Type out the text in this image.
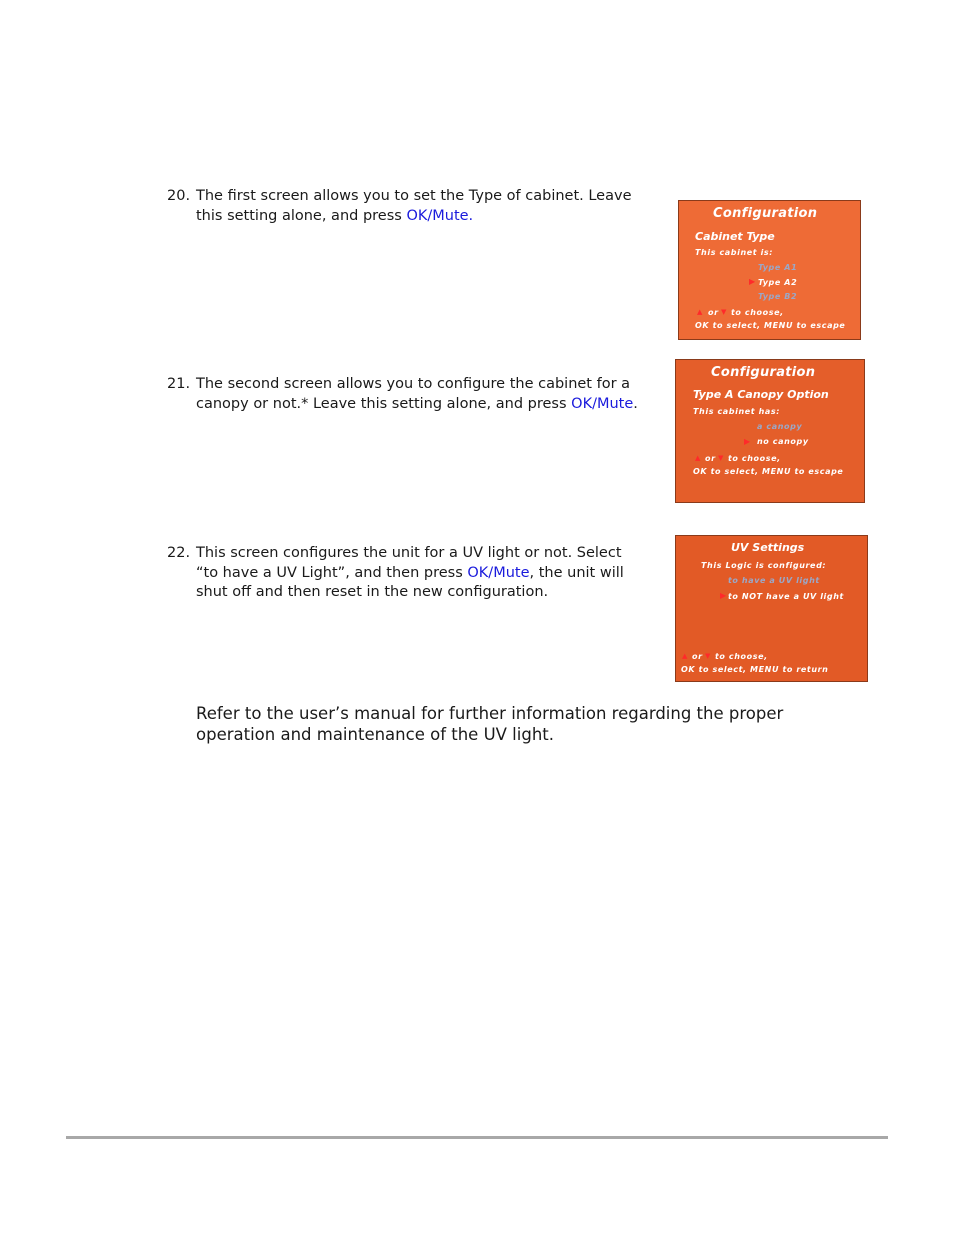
20. The first screen allows you to set the Type of cabinet. Leave this setting alone, and press OK/Mute.	Configuration
Cabinet Type
This cabinet is:
Type A1
▶ Type A2
Type B2
▲ or ▼ to choose,
OK to select, MENU to escape
21. The second screen allows you to configure the cabinet for a canopy or not.* Leave this setting alone, and press OK/Mute.
Configuration
Type A Canopy Option
This cabinet has:
a canopy
▶ no canopy
▲ or ▼ to choose,
OK to select, MENU to escape
22. This screen configures the unit for a UV light or not. Select “to have a UV Light”, and then press OK/Mute, the unit will shut off and then reset in the new configuration.
UV Settings
This Logic is configured:
to have a UV light
▶ to NOT have a UV light
▲ or ▼ to choose,
OK to select, MENU to return
Refer to the user’s manual for further information regarding the proper operation and maintenance of the UV light.
